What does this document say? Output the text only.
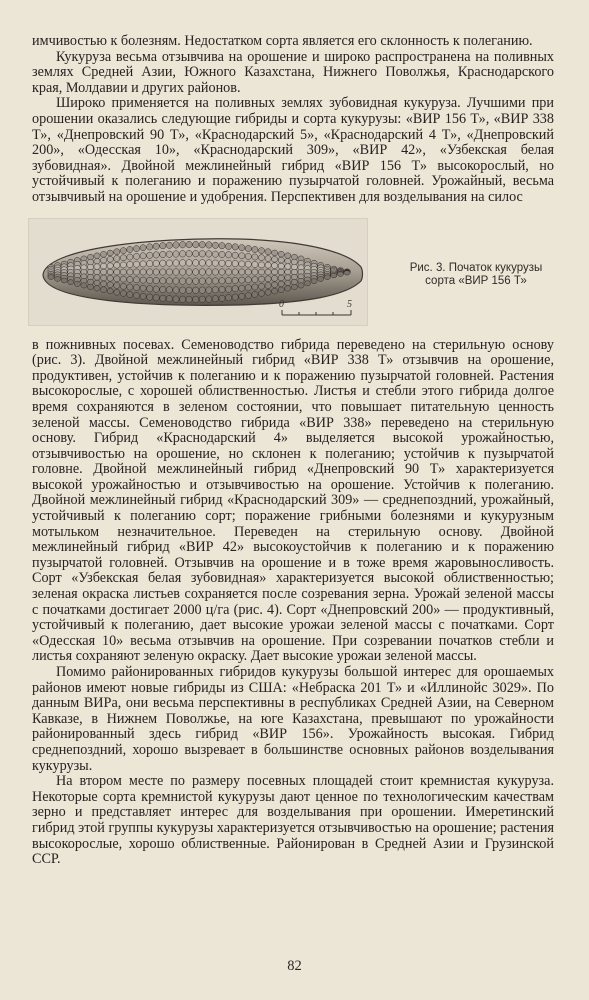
имчивостью к болезням. Недостатком сорта является его склонность к полеганию.

Кукуруза весьма отзывчива на орошение и широко распространена на поливных землях Средней Азии, Южного Казахстана, Нижнего Поволжья, Краснодарского края, Молдавии и других районов.

Широко применяется на поливных землях зубовидная кукуруза. Лучшими при орошении оказались следующие гибриды и сорта кукурузы: «ВИР 156 Т», «ВИР 338 Т», «Днепровский 90 Т», «Краснодарский 5», «Краснодарский 4 Т», «Днепровский 200», «Одесская 10», «Краснодарский 309», «ВИР 42», «Узбекская белая зубовидная». Двойной межлинейный гибрид «ВИР 156 Т» высокорослый, но устойчивый к полеганию и поражению пузырчатой головней. Урожайный, весьма отзывчивый на орошение и удобрения. Перспективен для возделывания на силос

0	5
Рис. 3. Початок кукурузы
сорта «ВИР 156 Т»

в пожнивных посевах. Семеноводство гибрида переведено на стерильную основу (рис. 3). Двойной межлинейный гибрид «ВИР 338 Т» отзывчив на орошение, продуктивен, устойчив к полеганию и к поражению пузырчатой головней. Растения высокорослые, с хорошей облиственностью. Листья и стебли этого гибрида долгое время сохраняются в зеленом состоянии, что повышает питательную ценность зеленой массы. Семеноводство гибрида «ВИР 338» переведено на стерильную основу. Гибрид «Краснодарский 4» выделяется высокой урожайностью, отзывчивостью на орошение, но склонен к полеганию; устойчив к пузырчатой головне. Двойной межлинейный гибрид «Днепровский 90 Т» характеризуется высокой урожайностью и отзывчивостью на орошение. Устойчив к полеганию. Двойной межлинейный гибрид «Краснодарский 309» — среднепоздний, урожайный, устойчивый к полеганию сорт; поражение грибными болезнями и кукурузным мотыльком незначительное. Переведен на стерильную основу. Двойной межлинейный гибрид «ВИР 42» высокоустойчив к полеганию и к поражению пузырчатой головней. Отзывчив на орошение и в тоже время жаровыносливость. Сорт «Узбекская белая зубовидная» характеризуется высокой облиственностью; зеленая окраска листьев сохраняется после созревания зерна. Урожай зеленой массы с початками достигает 2000 ц/га (рис. 4). Сорт «Днепровский 200» — продуктивный, устойчивый к полеганию, дает высокие урожаи зеленой массы с початками. Сорт «Одесская 10» весьма отзывчив на орошение. При созревании початков стебли и листья сохраняют зеленую окраску. Дает высокие урожаи зеленой массы.

Помимо районированных гибридов кукурузы большой интерес для орошаемых районов имеют новые гибриды из США: «Небраска 201 Т» и «Иллинойс 3029». По данным ВИРа, они весьма перспективны в республиках Средней Азии, на Северном Кавказе, в Нижнем Поволжье, на юге Казахстана, превышают по урожайности районированный здесь гибрид «ВИР 156». Урожайность высокая. Гибрид среднепоздний, хорошо вызревает в большинстве основных районов возделывания кукурузы.

На втором месте по размеру посевных площадей стоит кремнистая кукуруза. Некоторые сорта кремнистой кукурузы дают ценное по технологическим качествам зерно и представляет интерес для возделывания при орошении. Имеретинский гибрид этой группы кукурузы характеризуется отзывчивостью на орошение; растения высокорослые, хорошо облиственные. Районирован в Средней Азии и Грузинской ССР.

82
